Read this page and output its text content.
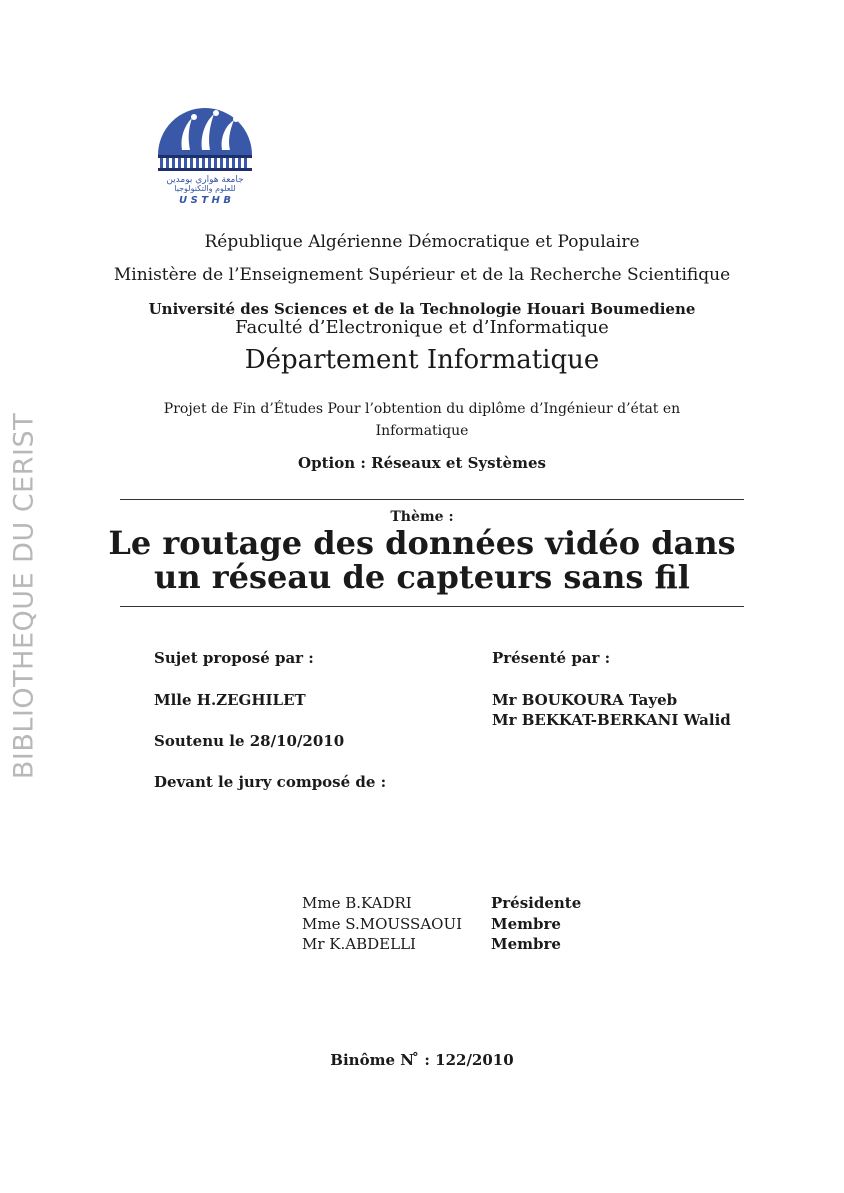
BIBLIOTHEQUE DU CERIST
جامعة هواري بومدين
للعلوم والتكنولوجيا
U S T H B
République Algérienne Démocratique et Populaire
Ministère de l’Enseignement Supérieur et de la Recherche Scientifique
Université des Sciences et de la Technologie Houari Boumediene
Faculté d’Electronique et d’Informatique
Département Informatique
Projet de Fin d’Études Pour l’obtention du diplôme d’Ingénieur d’état en
Informatique
Option : Réseaux et Systèmes
Thème :
Le routage des données vidéo dans
un réseau de capteurs sans fil
Sujet proposé par :
Mlle H.ZEGHILET
Soutenu le 28/10/2010
Devant le jury composé de :
Présenté par :
Mr BOUKOURA Tayeb
Mr BEKKAT-BERKANI Walid
Mme B.KADRI	Présidente
Mme S.MOUSSAOUI Membre
Mr K.ABDELLI	Membre
Binôme N ̊ : 122/2010
